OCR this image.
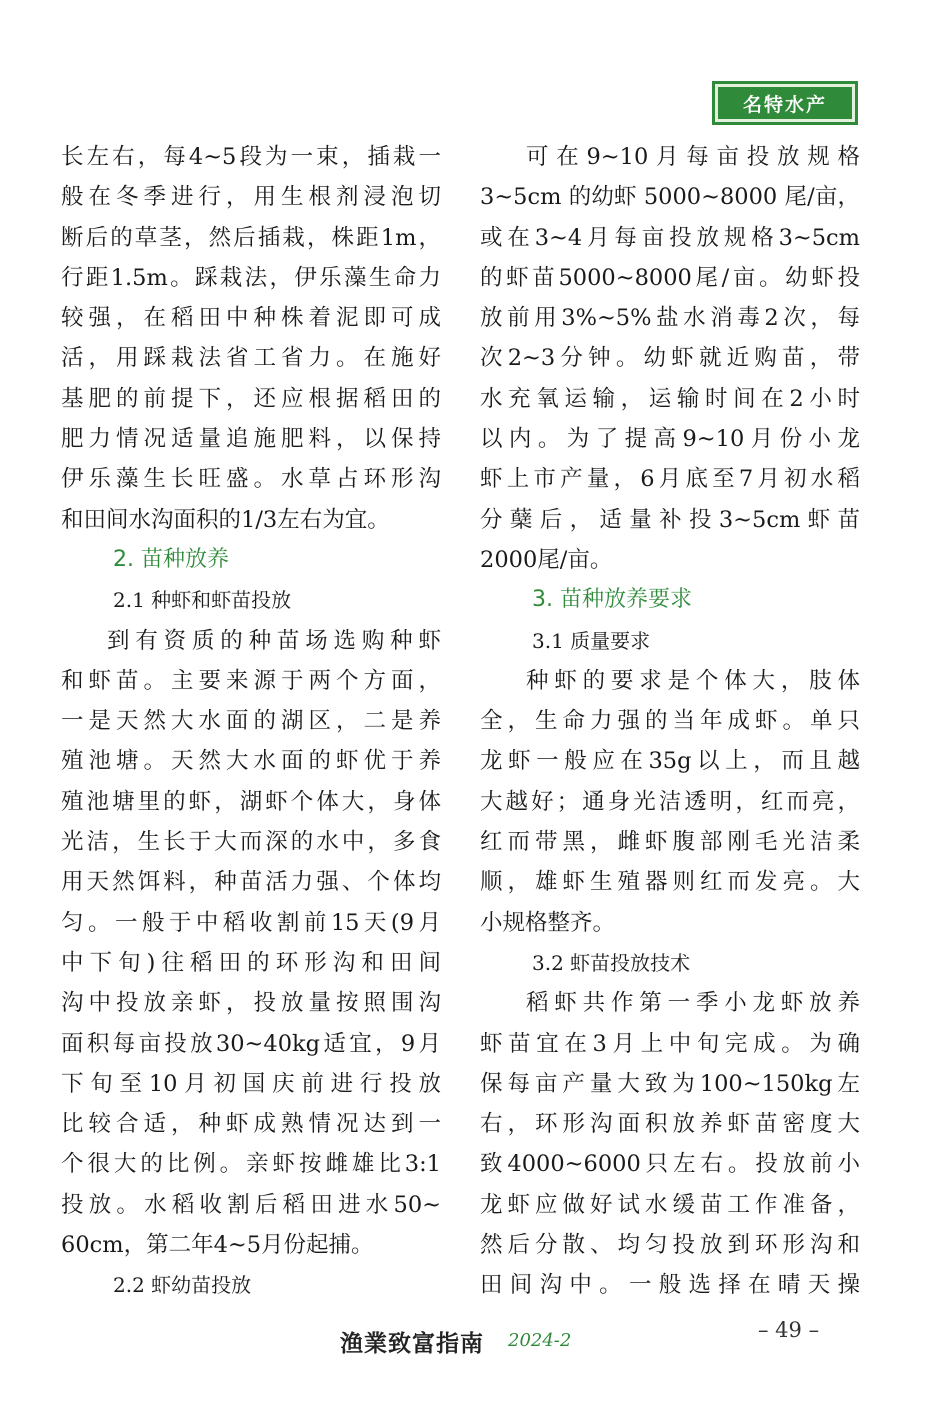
名特水产
长左右，每4~5段为一束，插栽一
般在冬季进行，用生根剂浸泡切
断后的草茎，然后插栽，株距1m，
行距1.5m。踩栽法，伊乐藻生命力
较强，在稻田中种株着泥即可成
活，用踩栽法省工省力。在施好
基肥的前提下，还应根据稻田的
肥力情况适量追施肥料，以保持
伊乐藻生长旺盛。水草占环形沟
和田间水沟面积的1/3左右为宜。
2. 苗种放养
2.1 种虾和虾苗投放
到有资质的种苗场选购种虾
和虾苗。主要来源于两个方面，
一是天然大水面的湖区，二是养
殖池塘。天然大水面的虾优于养
殖池塘里的虾，湖虾个体大，身体
光洁，生长于大而深的水中，多食
用天然饵料，种苗活力强、个体均
匀。一般于中稻收割前15天(9月
中下旬)往稻田的环形沟和田间
沟中投放亲虾，投放量按照围沟
面积每亩投放30~40kg适宜，9月
下旬至10月初国庆前进行投放
比较合适，种虾成熟情况达到一
个很大的比例。亲虾按雌雄比3:1
投放。水稻收割后稻田进水50~
60cm，第二年4~5月份起捕。
2.2 虾幼苗投放
可在9~10月每亩投放规格
3~5cm 的幼虾 5000~8000 尾/亩，
或在3~4月每亩投放规格3~5cm
的虾苗5000~8000尾/亩。幼虾投
放前用3%~5%盐水消毒2次，每
次2~3分钟。幼虾就近购苗，带
水充氧运输，运输时间在2小时
以内。为了提高9~10月份小龙
虾上市产量，6月底至7月初水稻
分蘖后，适量补投3~5cm虾苗
2000尾/亩。
3. 苗种放养要求
3.1 质量要求
种虾的要求是个体大，肢体
全，生命力强的当年成虾。单只
龙虾一般应在35g以上，而且越
大越好；通身光洁透明，红而亮，
红而带黑，雌虾腹部刚毛光洁柔
顺，雄虾生殖器则红而发亮。大
小规格整齐。
3.2 虾苗投放技术
稻虾共作第一季小龙虾放养
虾苗宜在3月上中旬完成。为确
保每亩产量大致为100~150kg左
右，环形沟面积放养虾苗密度大
致4000~6000只左右。投放前小
龙虾应做好试水缓苗工作准备，
然后分散、均匀投放到环形沟和
田间沟中。一般选择在晴天操
渔業致富指南 2024-2	– 49 –
